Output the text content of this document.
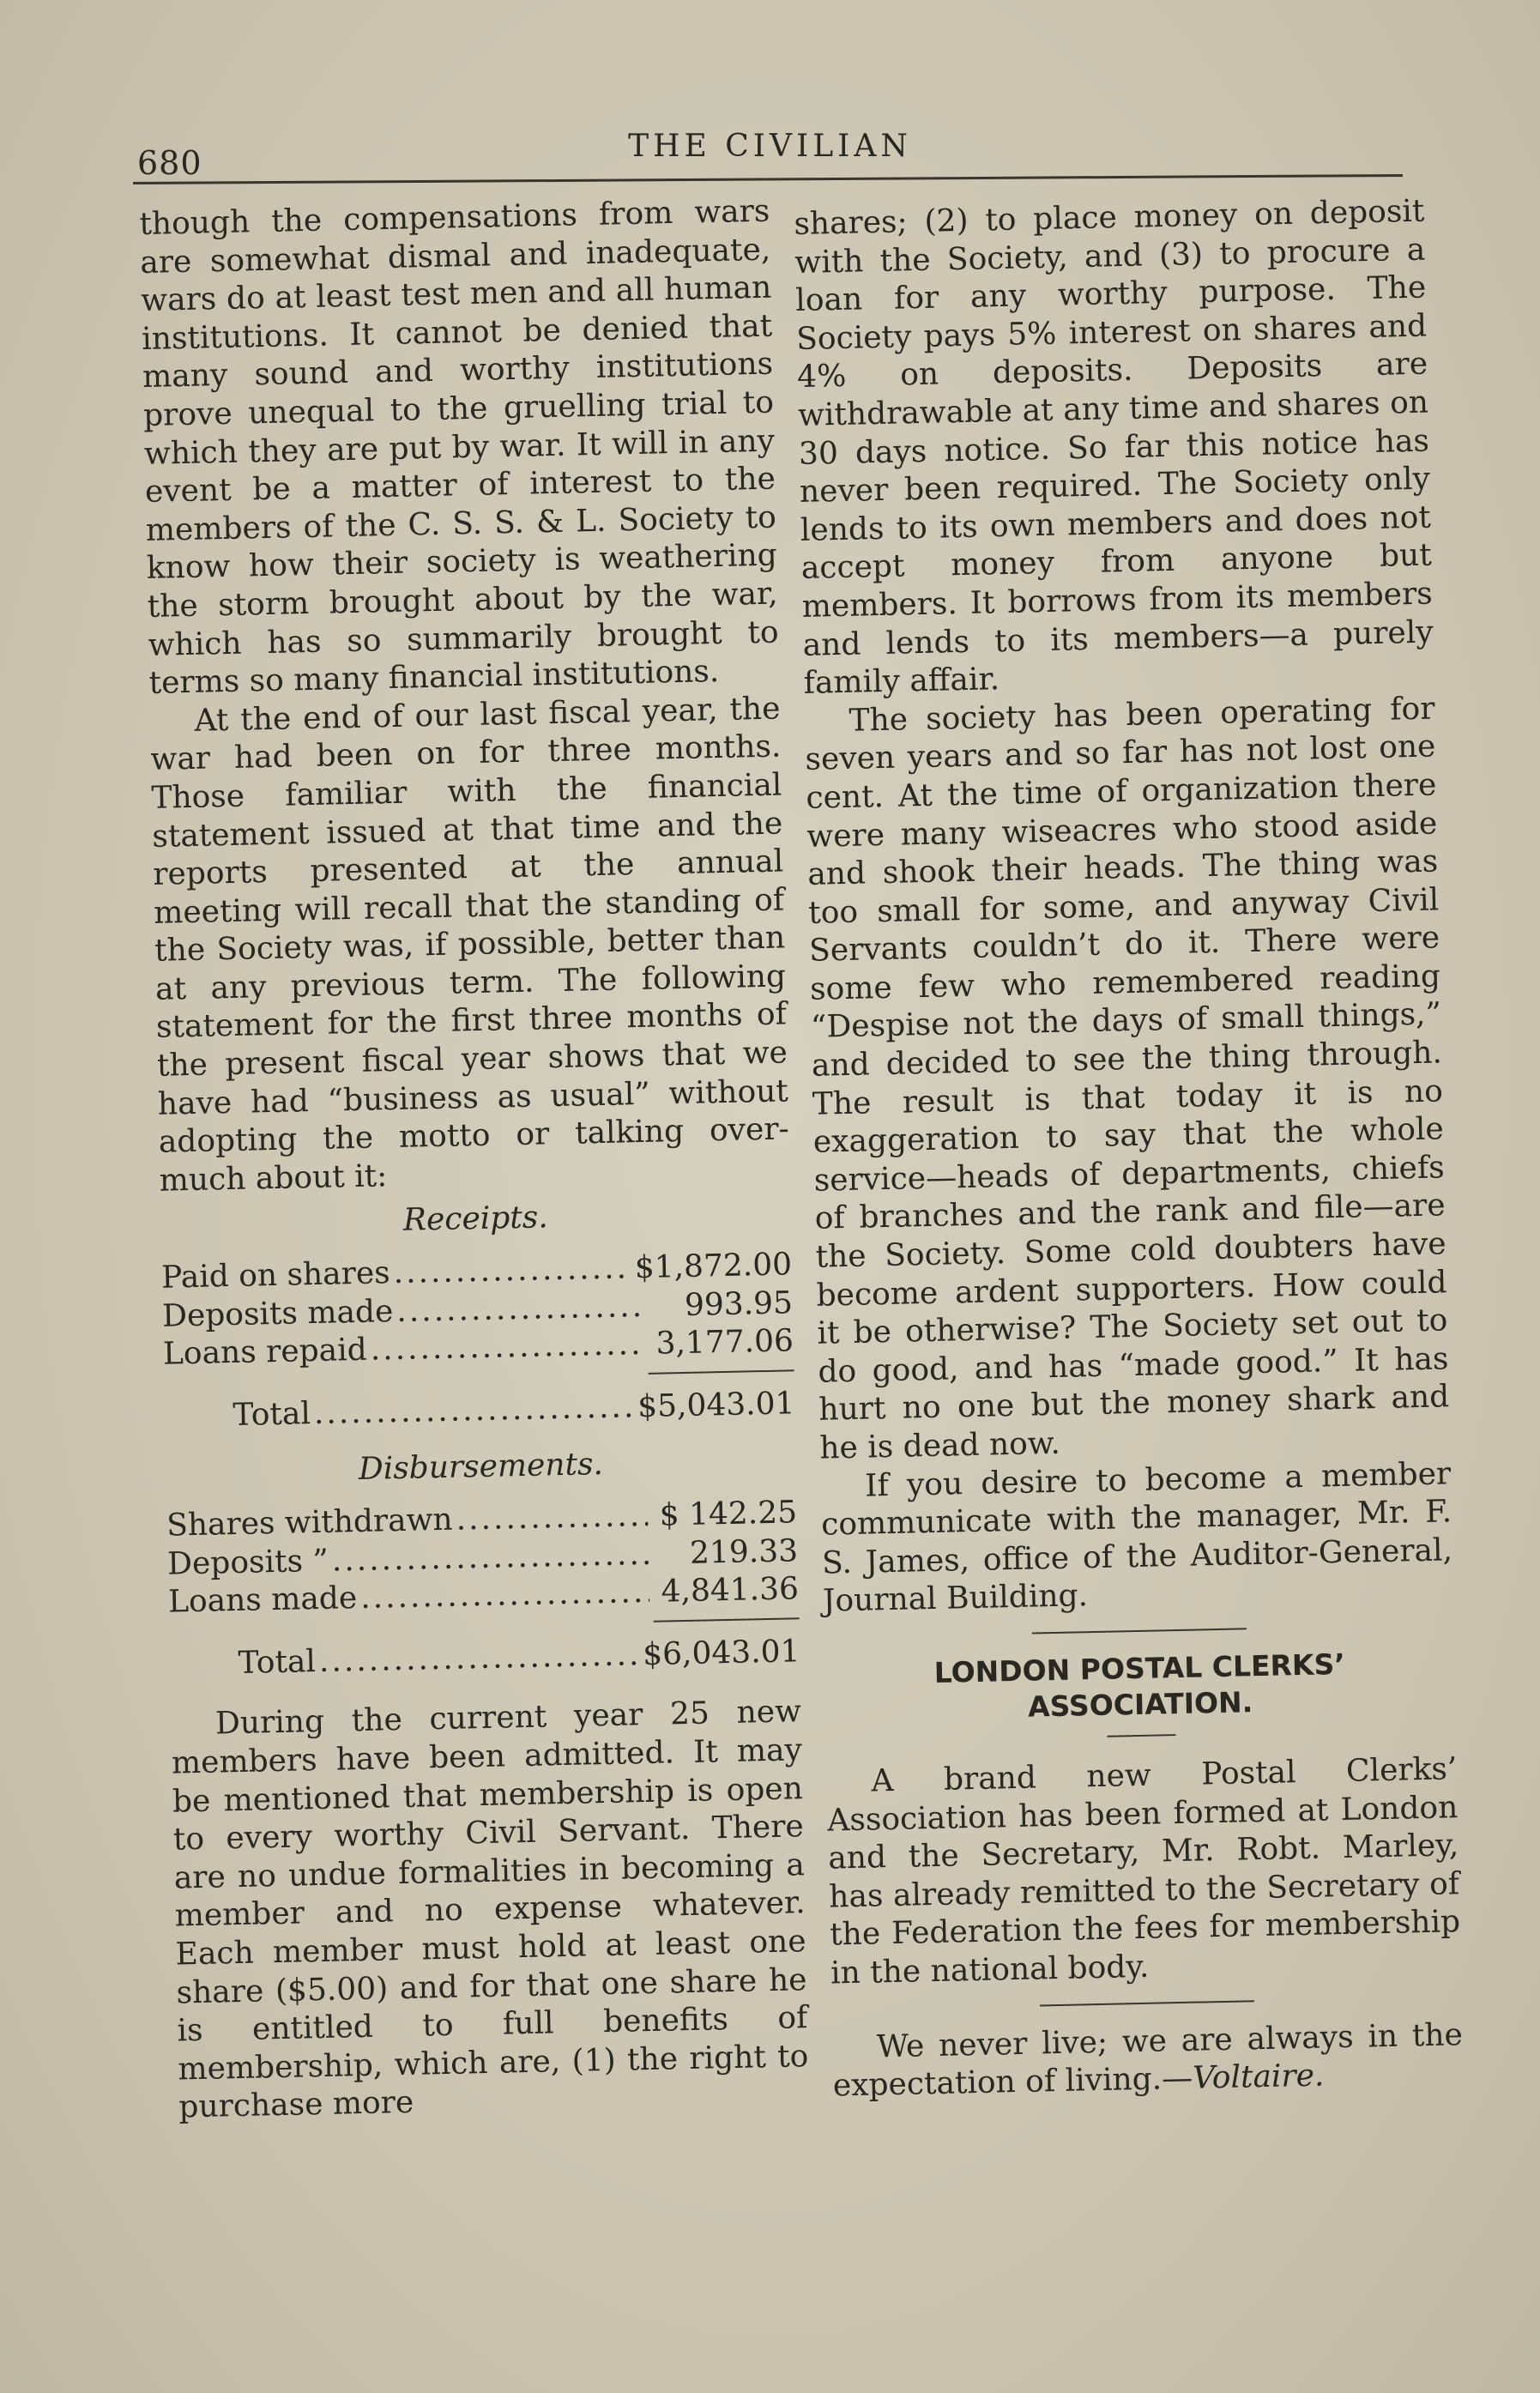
680	THE CIVILIAN

though the compensations from wars are somewhat dismal and inadequate, wars do at least test men and all human institutions. It cannot be denied that many sound and worthy institutions prove unequal to the gruelling trial to which they are put by war. It will in any event be a matter of interest to the members of the C. S. S. & L. Society to know how their society is weathering the storm brought about by the war, which has so summarily brought to terms so many financial institutions.

At the end of our last fiscal year, the war had been on for three months. Those familiar with the financial statement issued at that time and the reports presented at the annual meeting will recall that the standing of the Society was, if possible, better than at any previous term. The following statement for the first three months of the present fiscal year shows that we have had “business as usual” without adopting the motto or talking over-much about it:

Receipts.
Paid on shares .....	$1,872.00
Deposits made .....	993.95
Loans repaid .....	3,177.06
Total .....	$5,043.01
Disbursements.
Shares withdrawn .....	$ 142.25
Deposits ” .....	219.33
Loans made .....	4,841.36
Total .....	$6,043.01

During the current year 25 new members have been admitted. It may be mentioned that membership is open to every worthy Civil Servant. There are no undue formalities in becoming a member and no expense whatever. Each member must hold at least one share ($5.00) and for that one share he is entitled to full benefits of membership, which are, (1) the right to purchase more

shares; (2) to place money on deposit with the Society, and (3) to procure a loan for any worthy purpose. The Society pays 5% interest on shares and 4% on deposits. Deposits are withdrawable at any time and shares on 30 days notice. So far this notice has never been required. The Society only lends to its own members and does not accept money from anyone but members. It borrows from its members and lends to its members—a purely family affair.

The society has been operating for seven years and so far has not lost one cent. At the time of organization there were many wiseacres who stood aside and shook their heads. The thing was too small for some, and anyway Civil Servants couldn’t do it. There were some few who remembered reading “Despise not the days of small things,” and decided to see the thing through. The result is that today it is no exaggeration to say that the whole service—heads of departments, chiefs of branches and the rank and file—are the Society. Some cold doubters have become ardent supporters. How could it be otherwise? The Society set out to do good, and has “made good.” It has hurt no one but the money shark and he is dead now.

If you desire to become a member communicate with the manager, Mr. F. S. James, office of the Auditor-General, Journal Building.

LONDON POSTAL CLERKS’ ASSOCIATION.

A brand new Postal Clerks’ Association has been formed at London and the Secretary, Mr. Robt. Marley, has already remitted to the Secretary of the Federation the fees for membership in the national body.

We never live; we are always in the expectation of living.—Voltaire.
